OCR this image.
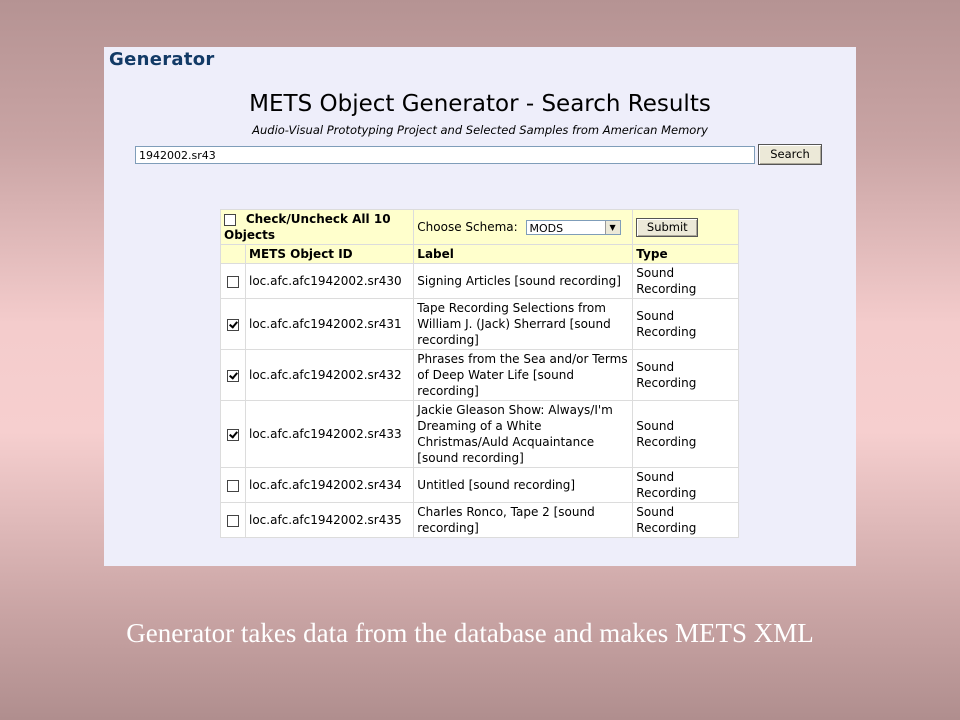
Generator
METS Object Generator - Search Results
Audio-Visual Prototyping Project and Selected Samples from American Memory
1942002.sr43
Search
Check/Uncheck All 10 Objects		Choose Schema: MODS ▼	Submit
	METS Object ID	Label	Type
	loc.afc.afc1942002.sr430	Signing Articles [sound recording]	Sound Recording
	loc.afc.afc1942002.sr431	Tape Recording Selections from William J. (Jack) Sherrard [sound recording]	Sound Recording
	loc.afc.afc1942002.sr432	Phrases from the Sea and/or Terms of Deep Water Life [sound recording]	Sound Recording
	loc.afc.afc1942002.sr433	Jackie Gleason Show: Always/I'm Dreaming of a White Christmas/Auld Acquaintance [sound recording]	Sound Recording
	loc.afc.afc1942002.sr434	Untitled [sound recording]	Sound Recording
	loc.afc.afc1942002.sr435	Charles Ronco, Tape 2 [sound recording]	Sound Recording
Generator takes data from the database and makes METS XML
